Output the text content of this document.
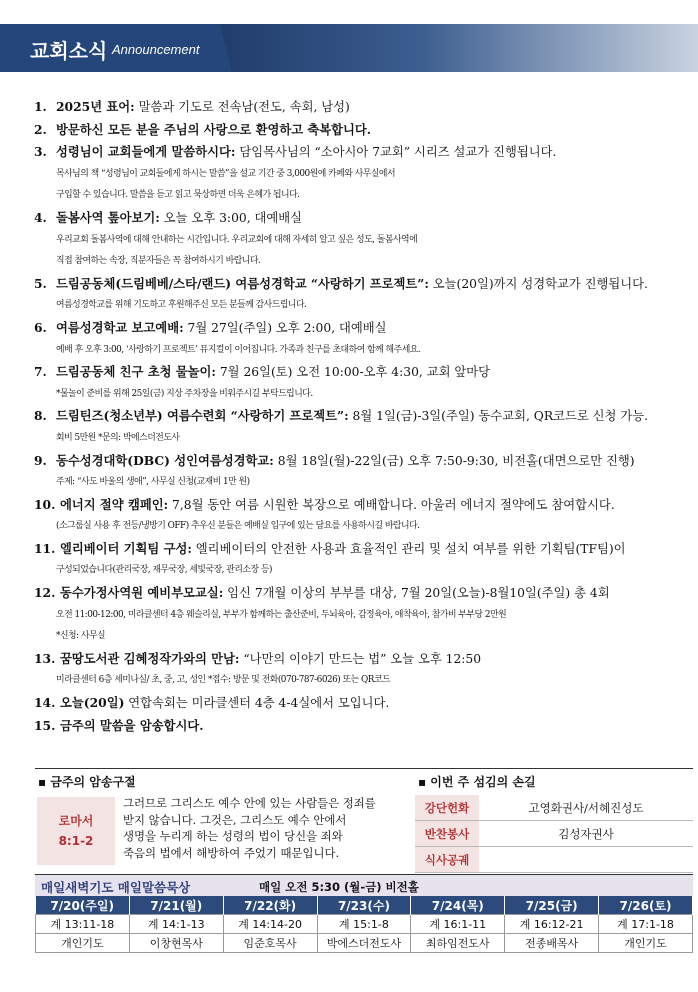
교회소식 Announcement
1. 2025년 표어: 말씀과 기도로 전속남(전도, 속회, 남성)
2. 방문하신 모든 분을 주님의 사랑으로 환영하고 축복합니다.
3. 성령님이 교회들에게 말씀하시다: 담임목사님의 “소아시아 7교회” 시리즈 설교가 진행됩니다.
목사님의 책 “성령님이 교회들에게 하시는 말씀”을 설교 기간 중 3,000원에 카페와 사무실에서
구입할 수 있습니다. 말씀을 듣고 읽고 묵상하면 더욱 은혜가 됩니다.
4. 돌봄사역 톺아보기: 오늘 오후 3:00, 대예배실
우리교회 돌봄사역에 대해 안내하는 시간입니다. 우리교회에 대해 자세히 알고 싶은 성도, 돌봄사역에
직접 참여하는 속장, 직분자들은 꼭 참여하시기 바랍니다.
5. 드림공동체(드림베베/스타/랜드) 여름성경학교 “사랑하기 프로젝트”: 오늘(20일)까지 성경학교가 진행됩니다.
여름성경학교를 위해 기도하고 후원해주신 모든 분들께 감사드립니다.
6. 여름성경학교 보고예배: 7월 27일(주일) 오후 2:00, 대예배실
예배 후 오후 3:00, ‘사랑하기 프로젝트’ 뮤지컬이 이어집니다. 가족과 친구를 초대하여 함께 해주세요.
7. 드림공동체 친구 초청 물놀이: 7월 26일(토) 오전 10:00-오후 4:30, 교회 앞마당
*물놀이 준비를 위해 25일(금) 지상 주차장을 비워주시길 부탁드립니다.
8. 드림틴즈(청소년부) 여름수련회 “사랑하기 프로젝트”: 8월 1일(금)-3일(주일) 동수교회, QR코드로 신청 가능.
회비 5만원 *문의: 박에스더전도사
9. 동수성경대학(DBC) 성인여름성경학교: 8월 18일(월)-22일(금) 오후 7:50-9:30, 비전홀(대면으로만 진행)
주제: “사도 바울의 생애”, 사무실 신청(교재비 1만 원)
10. 에너지 절약 캠페인: 7,8월 동안 여름 시원한 복장으로 예배합니다. 아울러 에너지 절약에도 참여합시다.
(소그룹실 사용 후 전등/냉방기 OFF) 추우신 분들은 예배실 입구에 있는 담요를 사용하시길 바랍니다.
11. 엘리베이터 기획팀 구성: 엘리베이터의 안전한 사용과 효율적인 관리 및 설치 여부를 위한 기획팀(TF팀)이
구성되었습니다(관리국장, 재무국장, 세빛국장, 관리소장 등)
12. 동수가정사역원 예비부모교실: 임신 7개월 이상의 부부를 대상, 7월 20일(오늘)-8월10일(주일) 총 4회
오전 11:00-12:00, 미라클센터 4층 웨슬리실, 부부가 함께하는 출산준비, 두뇌육아, 감정육아, 애착육아, 참가비 부부당 2만원
*신청: 사무실
13. 꿈땅도서관 김혜정작가와의 만남: “나만의 이야기 만드는 법” 오늘 오후 12:50
미라클센터 6층 세미나실/ 초, 중, 고, 성인 *접수: 방문 및 전화(070-787-6026) 또는 QR코드
14. 오늘(20일) 연합속회는 미라클센터 4층 4-4실에서 모입니다.
15. 금주의 말씀을 암송합시다.
▪ 금주의 암송구절	▪ 이번 주 섬김의 손길
로마서
8:1-2
그러므로 그리스도 예수 안에 있는 사람들은 정죄를
받지 않습니다. 그것은, 그리스도 예수 안에서
생명을 누리게 하는 성령의 법이 당신을 죄와
죽음의 법에서 해방하여 주었기 때문입니다.
강단헌화	고영화권사/서혜진성도
반찬봉사	김성자권사
식사공궤	
매일새벽기도 매일말씀묵상	매일 오전 5:30 (월-금) 비전홀
7/20(주일)	7/21(월)	7/22(화)	7/23(수)	7/24(목)	7/25(금)	7/26(토)
계 13:11-18	계 14:1-13	계 14:14-20	계 15:1-8	계 16:1-11	계 16:12-21	계 17:1-18
개인기도	이창현목사	임준호목사	박에스더전도사	최하임전도사	전종배목사	개인기도
